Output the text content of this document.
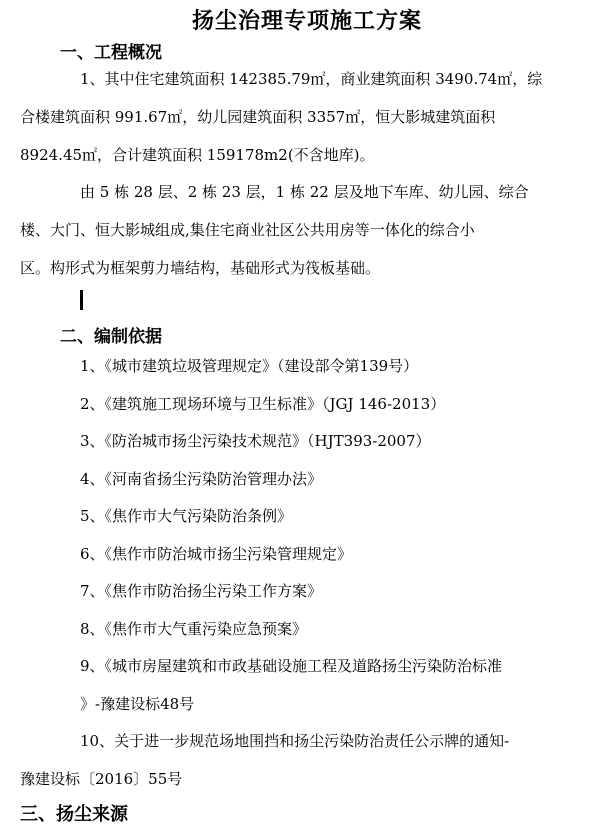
扬尘治理专项施工方案
一、工程概况
1、其中住宅建筑面积 142385.79㎡，商业建筑面积 3490.74㎡，综
合楼建筑面积 991.67㎡，幼儿园建筑面积 3357㎡，恒大影城建筑面积
8924.45㎡，合计建筑面积 159178m2(不含地库)。
由 5 栋 28 层、2 栋 23 层，1 栋 22 层及地下车库、幼儿园、综合
楼、大门、恒大影城组成,集住宅商业社区公共用房等一体化的综合小
区。构形式为框架剪力墙结构，基础形式为筏板基础。
二、编制依据
1、《城市建筑垃圾管理规定》（建设部令第139号）
2、《建筑施工现场环境与卫生标准》（JGJ 146-2013）
3、《防治城市扬尘污染技术规范》（HJT393-2007）
4、《河南省扬尘污染防治管理办法》
5、《焦作市大气污染防治条例》
6、《焦作市防治城市扬尘污染管理规定》
7、《焦作市防治扬尘污染工作方案》
8、《焦作市大气重污染应急预案》
9、《城市房屋建筑和市政基础设施工程及道路扬尘污染防治标准
》-豫建设标48号
10、关于进一步规范场地围挡和扬尘污染防治责任公示牌的通知-
豫建设标〔2016〕55号
三、扬尘来源
